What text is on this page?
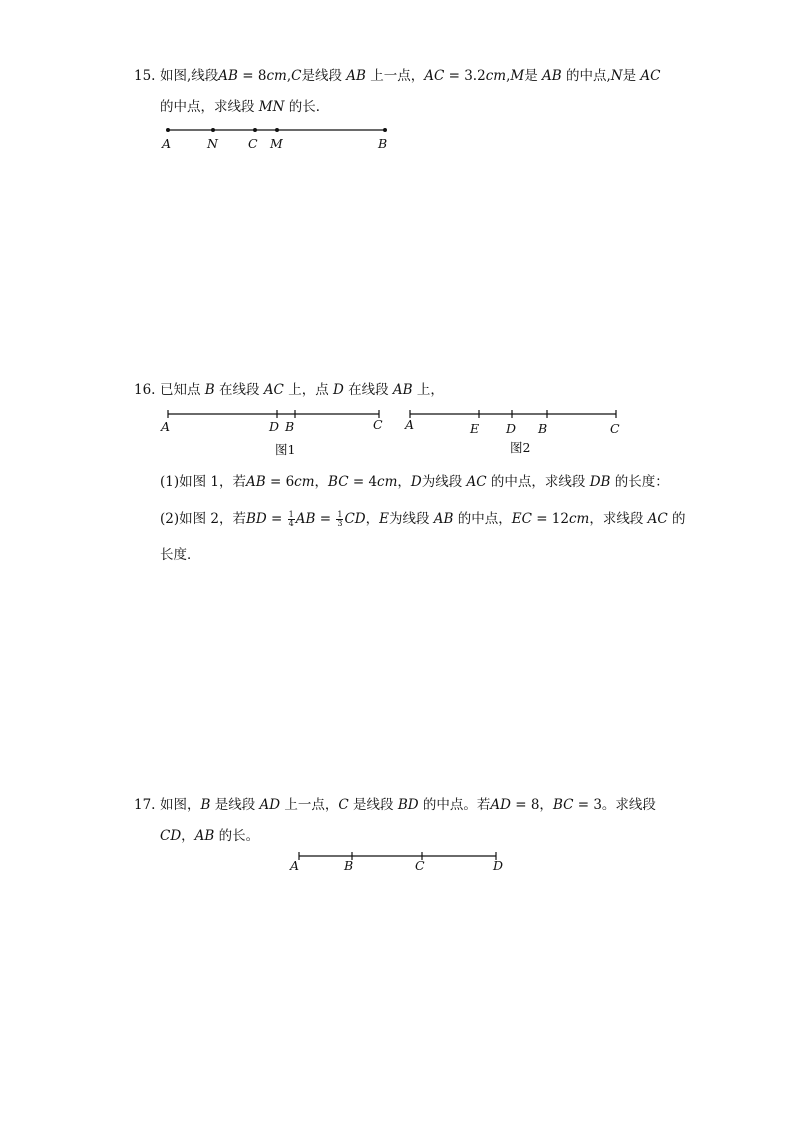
15. 如图,线段AB = 8cm,C是线段 AB 上一点，AC = 3.2cm,M是 AB 的中点,N是 AC
的中点，求线段 MN 的长．
A	N C M	B
16. 已知点 B 在线段 AC 上，点 D 在线段 AB 上，
A	D B	C
图1
A	E D B	C
图2
(1)如图 1，若AB = 6cm，BC = 4cm，D为线段 AC 的中点，求线段 DB 的长度：
(2)如图 2，若BD = $\frac{1}{4}$ AB = $\frac{1}{3}$ CD，E为线段 AB 的中点，EC = 12cm，求线段 AC 的
长度．
17. 如图，B 是线段 AD 上一点，C 是线段 BD 的中点。若AD = 8，BC = 3。求线段
CD，AB 的长。
A	B	C	D
